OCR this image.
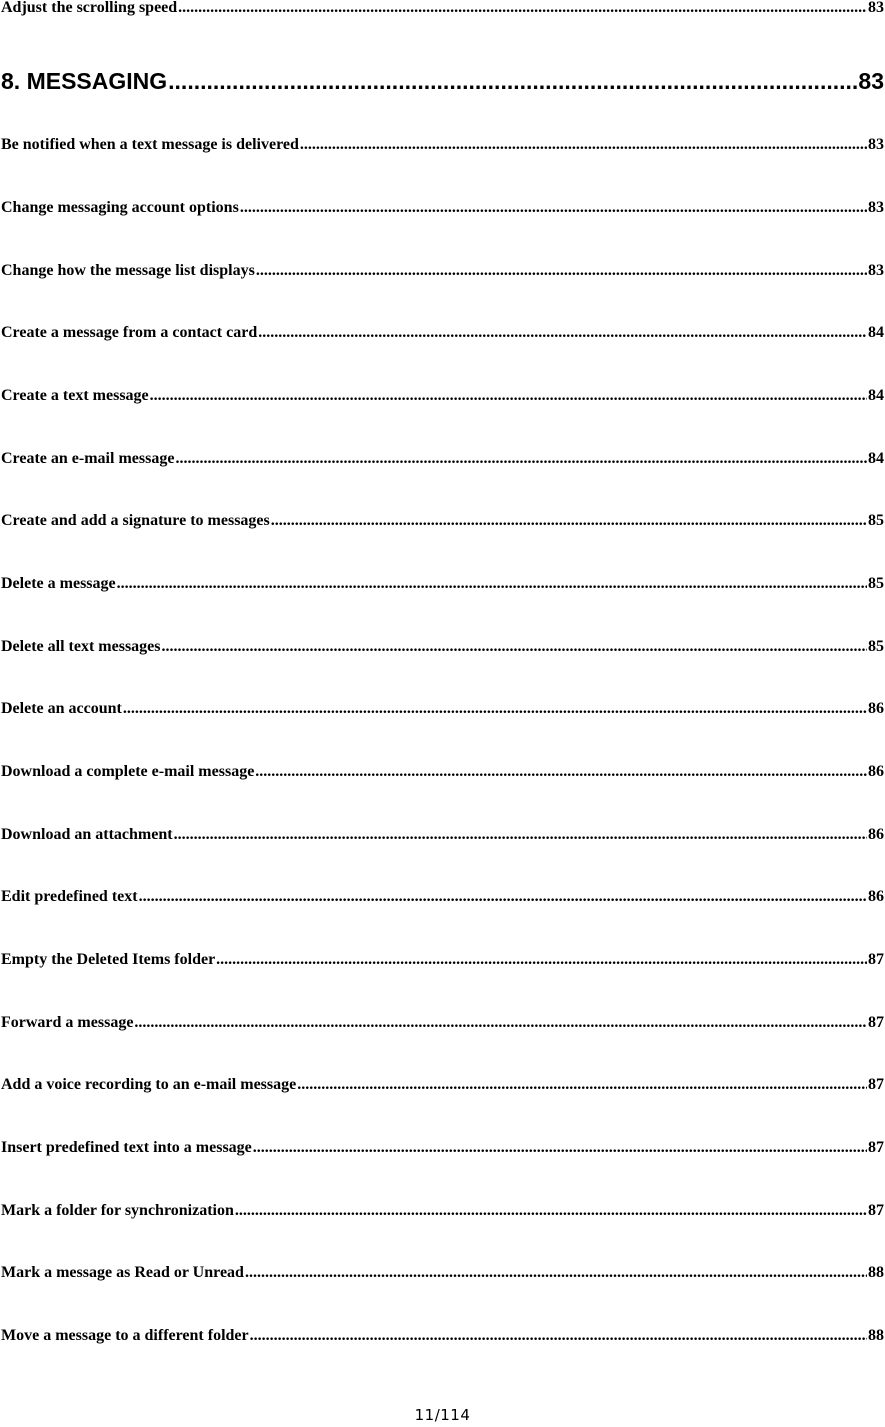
Adjust the scrolling speed .....	83
8. MESSAGING .....	83
Be notified when a text message is delivered .....	83
Change messaging account options .....	83
Change how the message list displays .....	83
Create a message from a contact card .....	84
Create a text message .....	84
Create an e-mail message .....	84
Create and add a signature to messages .....	85
Delete a message .....	85
Delete all text messages .....	85
Delete an account .....	86
Download a complete e-mail message .....	86
Download an attachment .....	86
Edit predefined text .....	86
Empty the Deleted Items folder .....	87
Forward a message .....	87
Add a voice recording to an e-mail message .....	87
Insert predefined text into a message .....	87
Mark a folder for synchronization .....	87
Mark a message as Read or Unread .....	88
Move a message to a different folder .....	88
11/114
